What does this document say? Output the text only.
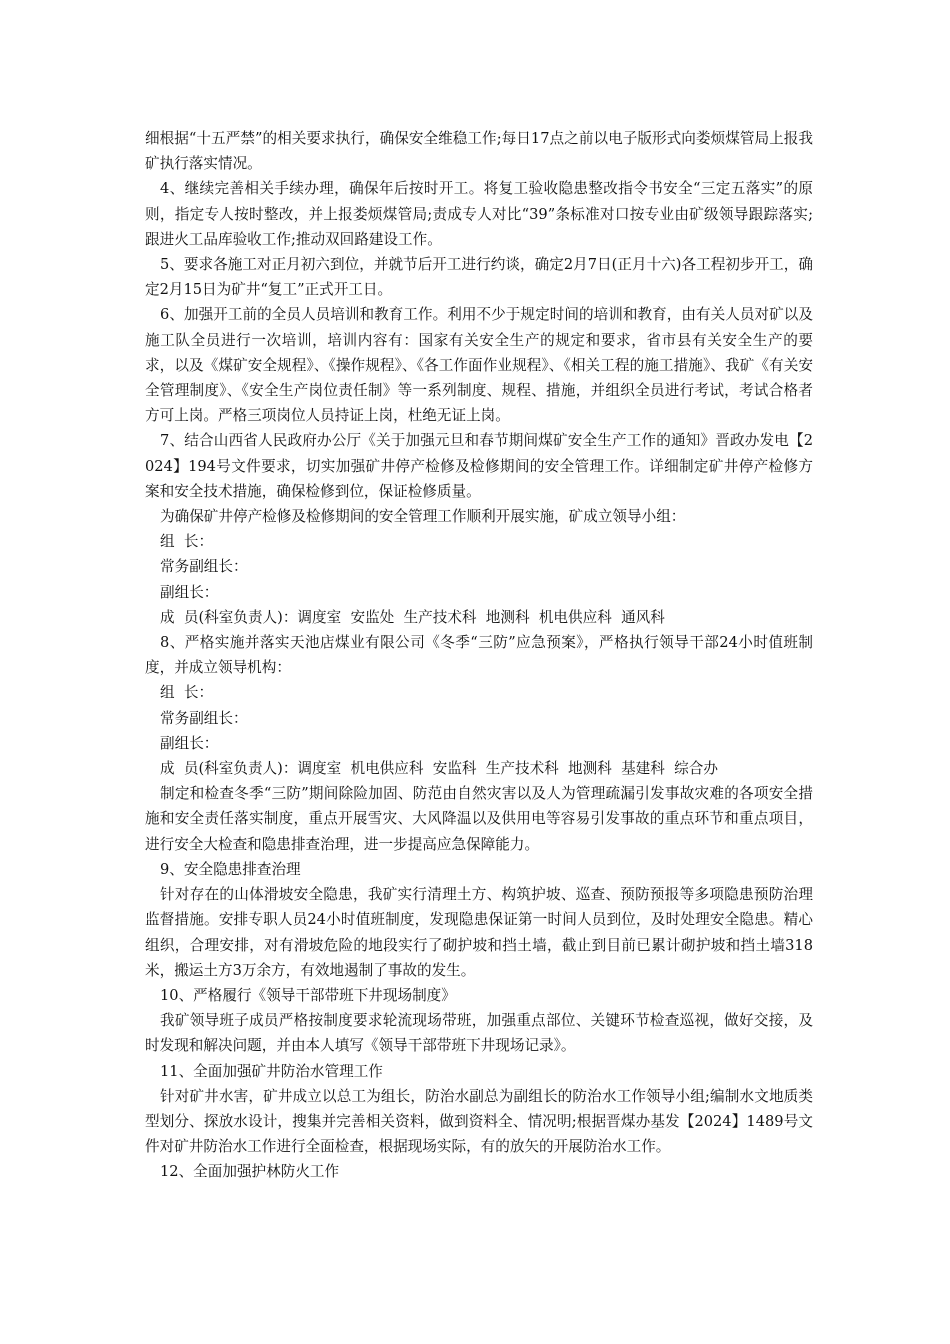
细根据“十五严禁”的相关要求执行，确保安全维稳工作;每日17点之前以电子版形式向娄烦煤管局上报我矿执行落实情况。

4、继续完善相关手续办理，确保年后按时开工。将复工验收隐患整改指令书安全“三定五落实”的原则，指定专人按时整改，并上报娄烦煤管局;责成专人对比“39”条标准对口按专业由矿级领导跟踪落实;跟进火工品库验收工作;推动双回路建设工作。

5、要求各施工对正月初六到位，并就节后开工进行约谈，确定2月7日(正月十六)各工程初步开工，确定2月15日为矿井“复工”正式开工日。

6、加强开工前的全员人员培训和教育工作。利用不少于规定时间的培训和教育，由有关人员对矿以及施工队全员进行一次培训，培训内容有：国家有关安全生产的规定和要求，省市县有关安全生产的要求，以及《煤矿安全规程》、《操作规程》、《各工作面作业规程》、《相关工程的施工措施》、我矿《有关安全管理制度》、《安全生产岗位责任制》等一系列制度、规程、措施，并组织全员进行考试，考试合格者方可上岗。严格三项岗位人员持证上岗，杜绝无证上岗。

7、结合山西省人民政府办公厅《关于加强元旦和春节期间煤矿安全生产工作的通知》晋政办发电【2024】194号文件要求，切实加强矿井停产检修及检修期间的安全管理工作。详细制定矿井停产检修方案和安全技术措施，确保检修到位，保证检修质量。

为确保矿井停产检修及检修期间的安全管理工作顺利开展实施，矿成立领导小组：

组  长：

常务副组长：

副组长：

成  员(科室负责人)：调度室  安监处  生产技术科  地测科  机电供应科  通风科

8、严格实施并落实天池店煤业有限公司《冬季“三防”应急预案》，严格执行领导干部24小时值班制度，并成立领导机构：

组  长：

常务副组长：

副组长：

成  员(科室负责人)：调度室  机电供应科  安监科  生产技术科  地测科  基建科  综合办

制定和检查冬季“三防”期间除险加固、防范由自然灾害以及人为管理疏漏引发事故灾难的各项安全措施和安全责任落实制度，重点开展雪灾、大风降温以及供用电等容易引发事故的重点环节和重点项目，进行安全大检查和隐患排查治理，进一步提高应急保障能力。

9、安全隐患排查治理

针对存在的山体滑坡安全隐患，我矿实行清理土方、构筑护坡、巡查、预防预报等多项隐患预防治理监督措施。安排专职人员24小时值班制度，发现隐患保证第一时间人员到位，及时处理安全隐患。精心组织，合理安排，对有滑坡危险的地段实行了砌护坡和挡土墙，截止到目前已累计砌护坡和挡土墙318米，搬运土方3万余方，有效地遏制了事故的发生。

10、严格履行《领导干部带班下井现场制度》

我矿领导班子成员严格按制度要求轮流现场带班，加强重点部位、关键环节检查巡视，做好交接，及时发现和解决问题，并由本人填写《领导干部带班下井现场记录》。

11、全面加强矿井防治水管理工作

针对矿井水害，矿井成立以总工为组长，防治水副总为副组长的防治水工作领导小组;编制水文地质类型划分、探放水设计，搜集并完善相关资料，做到资料全、情况明;根据晋煤办基发【2024】1489号文件对矿井防治水工作进行全面检查，根据现场实际，有的放矢的开展防治水工作。

12、全面加强护林防火工作
